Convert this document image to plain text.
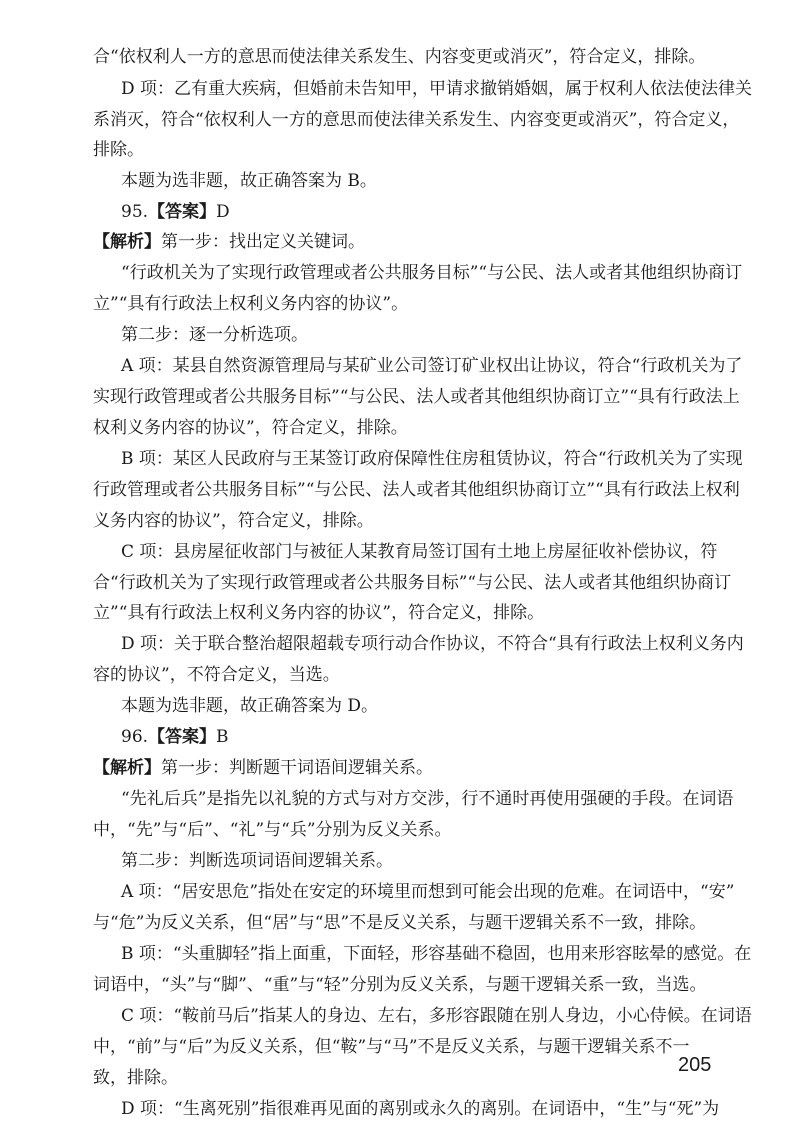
合“依权利人一方的意思而使法律关系发生、内容变更或消灭”，符合定义，排除。
D 项：乙有重大疾病，但婚前未告知甲，甲请求撤销婚姻，属于权利人依法使法律关
系消灭，符合“依权利人一方的意思而使法律关系发生、内容变更或消灭”，符合定义，
排除。
本题为选非题，故正确答案为 B。
95.【答案】D
【解析】第一步：找出定义关键词。
“行政机关为了实现行政管理或者公共服务目标”“与公民、法人或者其他组织协商订
立”“具有行政法上权利义务内容的协议”。
第二步：逐一分析选项。
A 项：某县自然资源管理局与某矿业公司签订矿业权出让协议，符合“行政机关为了
实现行政管理或者公共服务目标”“与公民、法人或者其他组织协商订立”“具有行政法上
权利义务内容的协议”，符合定义，排除。
B 项：某区人民政府与王某签订政府保障性住房租赁协议，符合“行政机关为了实现
行政管理或者公共服务目标”“与公民、法人或者其他组织协商订立”“具有行政法上权利
义务内容的协议”，符合定义，排除。
C 项：县房屋征收部门与被征人某教育局签订国有土地上房屋征收补偿协议，符
合“行政机关为了实现行政管理或者公共服务目标”“与公民、法人或者其他组织协商订
立”“具有行政法上权利义务内容的协议”，符合定义，排除。
D 项：关于联合整治超限超载专项行动合作协议，不符合“具有行政法上权利义务内
容的协议”，不符合定义，当选。
本题为选非题，故正确答案为 D。
96.【答案】B
【解析】第一步：判断题干词语间逻辑关系。
“先礼后兵”是指先以礼貌的方式与对方交涉，行不通时再使用强硬的手段。在词语
中，“先”与“后”、“礼”与“兵”分别为反义关系。
第二步：判断选项词语间逻辑关系。
A 项：“居安思危”指处在安定的环境里而想到可能会出现的危难。在词语中，“安”
与“危”为反义关系，但“居”与“思”不是反义关系，与题干逻辑关系不一致，排除。
B 项：“头重脚轻”指上面重，下面轻，形容基础不稳固，也用来形容眩晕的感觉。在
词语中，“头”与“脚”、“重”与“轻”分别为反义关系，与题干逻辑关系一致，当选。
C 项：“鞍前马后”指某人的身边、左右，多形容跟随在别人身边，小心侍候。在词语
中，“前”与“后”为反义关系，但“鞍”与“马”不是反义关系，与题干逻辑关系不一
致，排除。
D 项：“生离死别”指很难再见面的离别或永久的离别。在词语中，“生”与“死”为
205
